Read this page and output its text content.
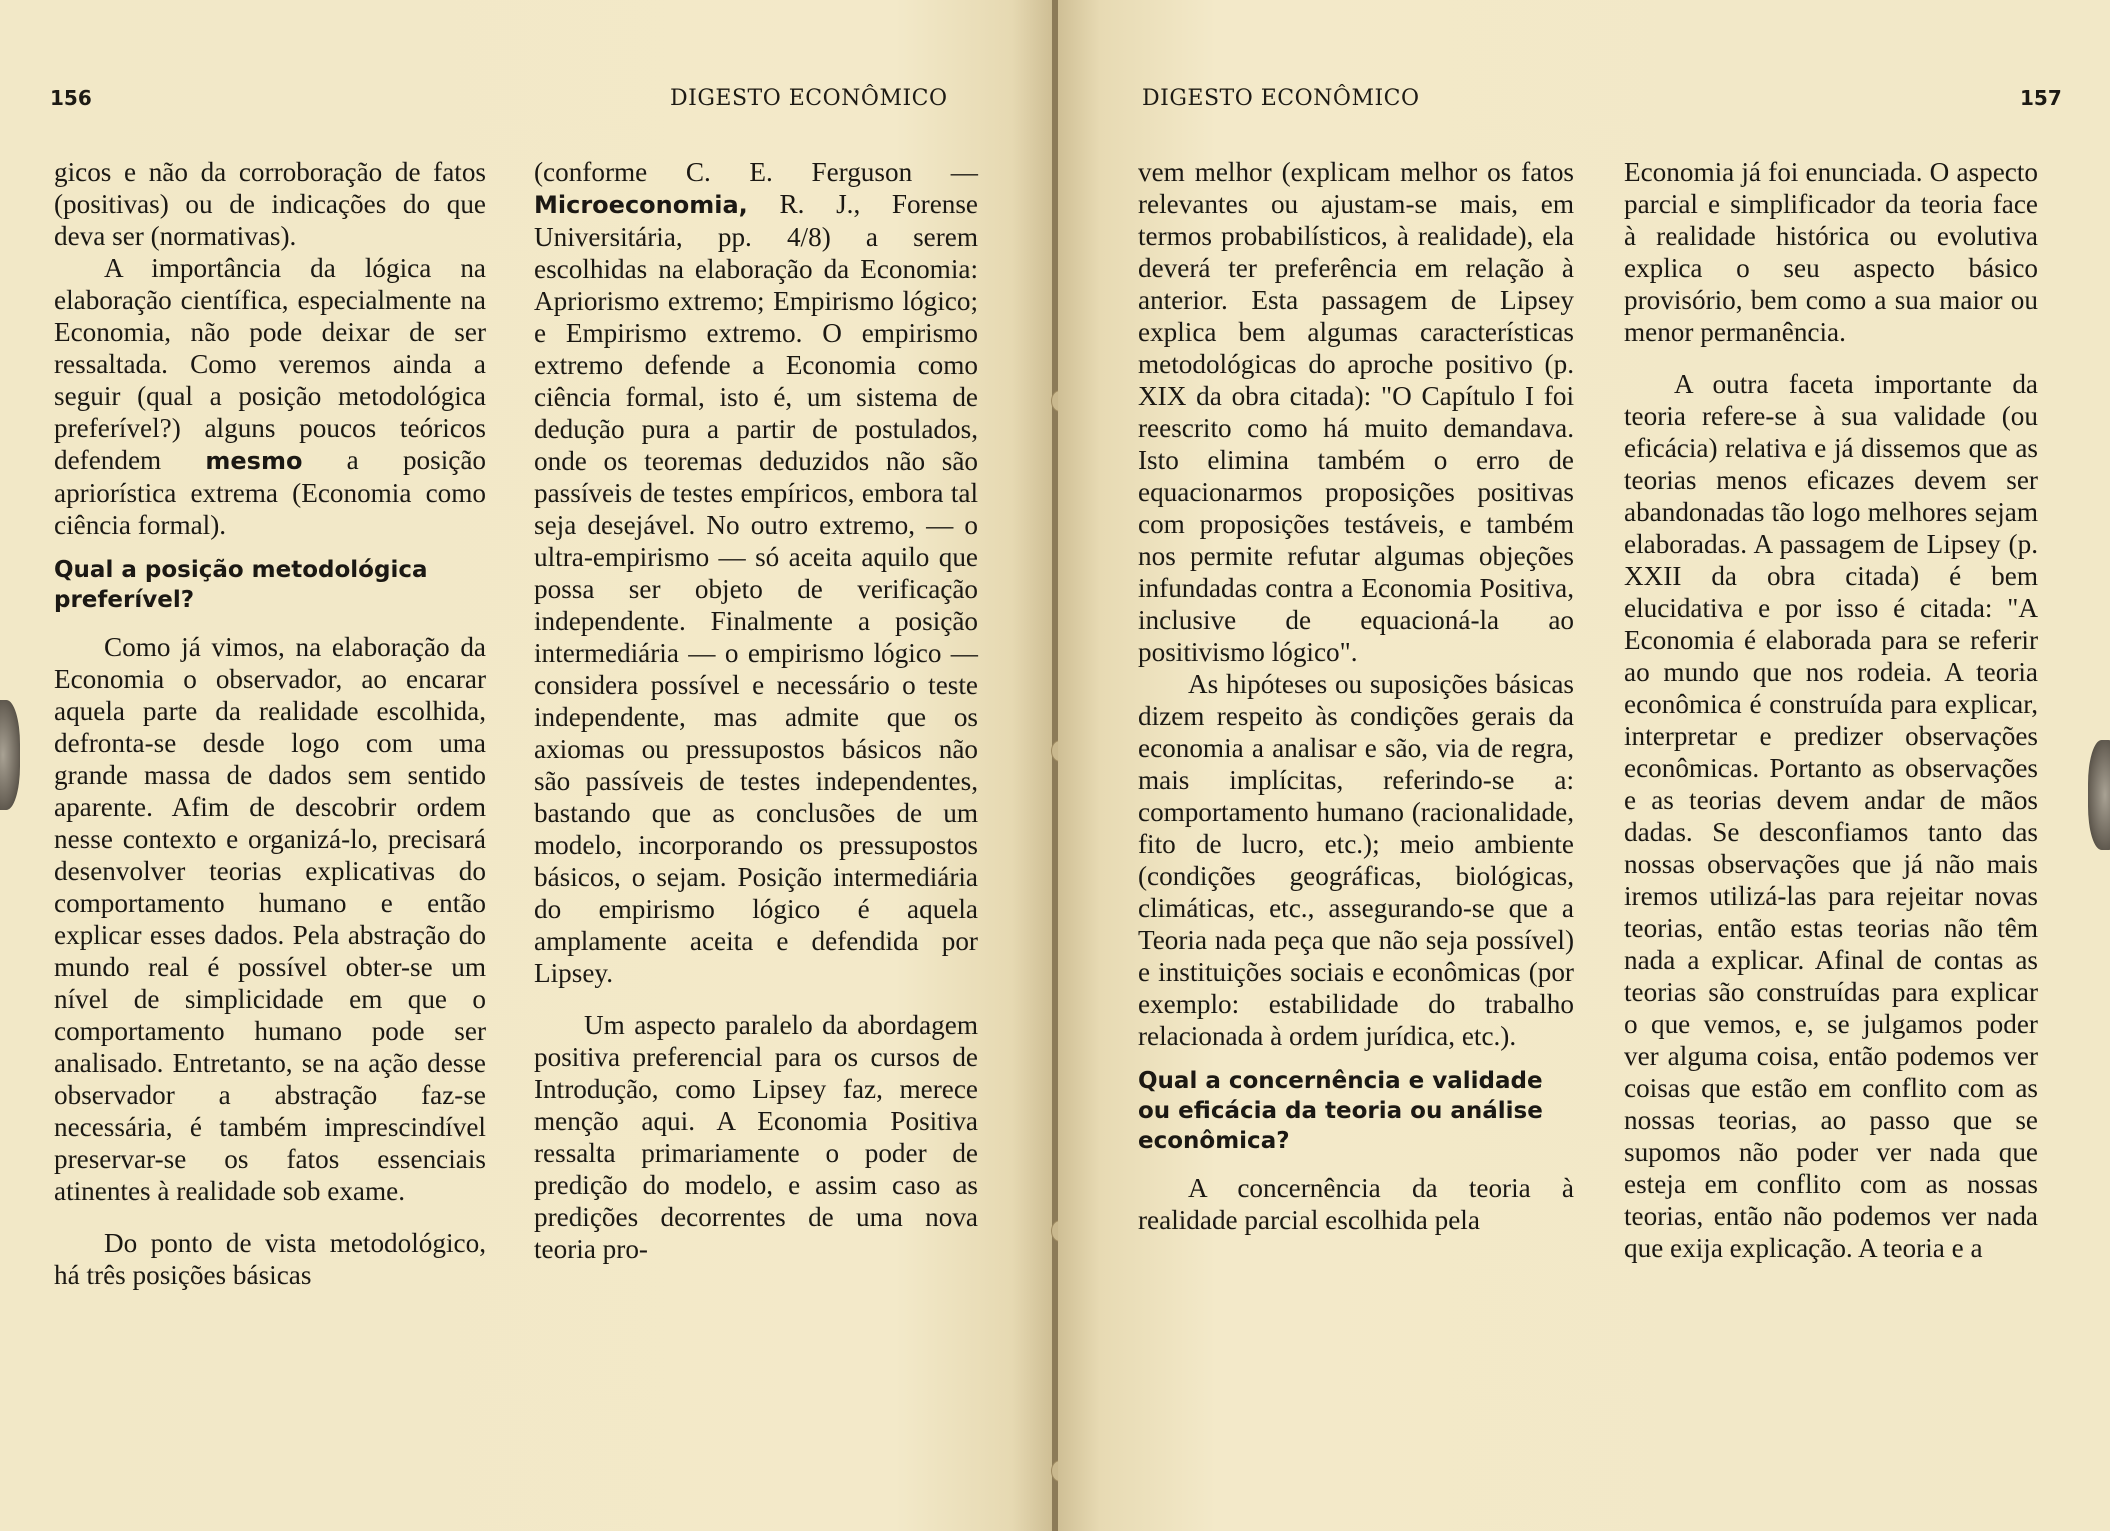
156	DIGESTO ECONÔMICO

gicos e não da corroboração de fatos (positivas) ou de indicações do que deva ser (normativas).

A importância da lógica na elaboração científica, especialmente na Economia, não pode deixar de ser ressaltada. Como veremos ainda a seguir (qual a posição metodológica preferível?) alguns poucos teóricos defendem mesmo a posição apriorística extrema (Economia como ciência formal).

Qual a posição metodológica preferível?

Como já vimos, na elaboração da Economia o observador, ao encarar aquela parte da realidade escolhida, defronta-se desde logo com uma grande massa de dados sem sentido aparente. Afim de descobrir ordem nesse contexto e organizá-lo, precisará desenvolver teorias explicativas do comportamento humano e então explicar esses dados. Pela abstração do mundo real é possível obter-se um nível de simplicidade em que o comportamento humano pode ser analisado. Entretanto, se na ação desse observador a abstração faz-se necessária, é também imprescindível preservar-se os fatos essenciais atinentes à realidade sob exame.

Do ponto de vista metodológico, há três posições básicas

(conforme C. E. Ferguson — Microeconomia, R. J., Forense Universitária, pp. 4/8) a serem escolhidas na elaboração da Economia: Apriorismo extremo; Empirismo lógico; e Empirismo extremo. O empirismo extremo defende a Economia como ciência formal, isto é, um sistema de dedução pura a partir de postulados, onde os teoremas deduzidos não são passíveis de testes empíricos, embora tal seja desejável. No outro extremo, — o ultra-empirismo — só aceita aquilo que possa ser objeto de verificação independente. Finalmente a posição intermediária — o empirismo lógico — considera possível e necessário o teste independente, mas admite que os axiomas ou pressupostos básicos não são passíveis de testes independentes, bastando que as conclusões de um modelo, incorporando os pressupostos básicos, o sejam. Posição intermediária do empirismo lógico é aquela amplamente aceita e defendida por Lipsey.

Um aspecto paralelo da abordagem positiva preferencial para os cursos de Introdução, como Lipsey faz, merece menção aqui. A Economia Positiva ressalta primariamente o poder de predição do modelo, e assim caso as predições decorrentes de uma nova teoria pro-

DIGESTO ECONÔMICO	157

vem melhor (explicam melhor os fatos relevantes ou ajustam-se mais, em termos probabilísticos, à realidade), ela deverá ter preferência em relação à anterior. Esta passagem de Lipsey explica bem algumas características metodológicas do aproche positivo (p. XIX da obra citada): "O Capítulo I foi reescrito como há muito demandava. Isto elimina também o erro de equacionarmos proposições positivas com proposições testáveis, e também nos permite refutar algumas objeções infundadas contra a Economia Positiva, inclusive de equacioná-la ao positivismo lógico".

As hipóteses ou suposições básicas dizem respeito às condições gerais da economia a analisar e são, via de regra, mais implícitas, referindo-se a: comportamento humano (racionalidade, fito de lucro, etc.); meio ambiente (condições geográficas, biológicas, climáticas, etc., assegurando-se que a Teoria nada peça que não seja possível) e instituições sociais e econômicas (por exemplo: estabilidade do trabalho relacionada à ordem jurídica, etc.).

Qual a concernência e validade ou eficácia da teoria ou análise econômica?

A concernência da teoria à realidade parcial escolhida pela

Economia já foi enunciada. O aspecto parcial e simplificador da teoria face à realidade histórica ou evolutiva explica o seu aspecto básico provisório, bem como a sua maior ou menor permanência.

A outra faceta importante da teoria refere-se à sua validade (ou eficácia) relativa e já dissemos que as teorias menos eficazes devem ser abandonadas tão logo melhores sejam elaboradas. A passagem de Lipsey (p. XXII da obra citada) é bem elucidativa e por isso é citada: "A Economia é elaborada para se referir ao mundo que nos rodeia. A teoria econômica é construída para explicar, interpretar e predizer observações econômicas. Portanto as observações e as teorias devem andar de mãos dadas. Se desconfiamos tanto das nossas observações que já não mais iremos utilizá-las para rejeitar novas teorias, então estas teorias não têm nada a explicar. Afinal de contas as teorias são construídas para explicar o que vemos, e, se julgamos poder ver alguma coisa, então podemos ver coisas que estão em conflito com as nossas teorias, ao passo que se supomos não poder ver nada que esteja em conflito com as nossas teorias, então não podemos ver nada que exija explicação. A teoria e a
